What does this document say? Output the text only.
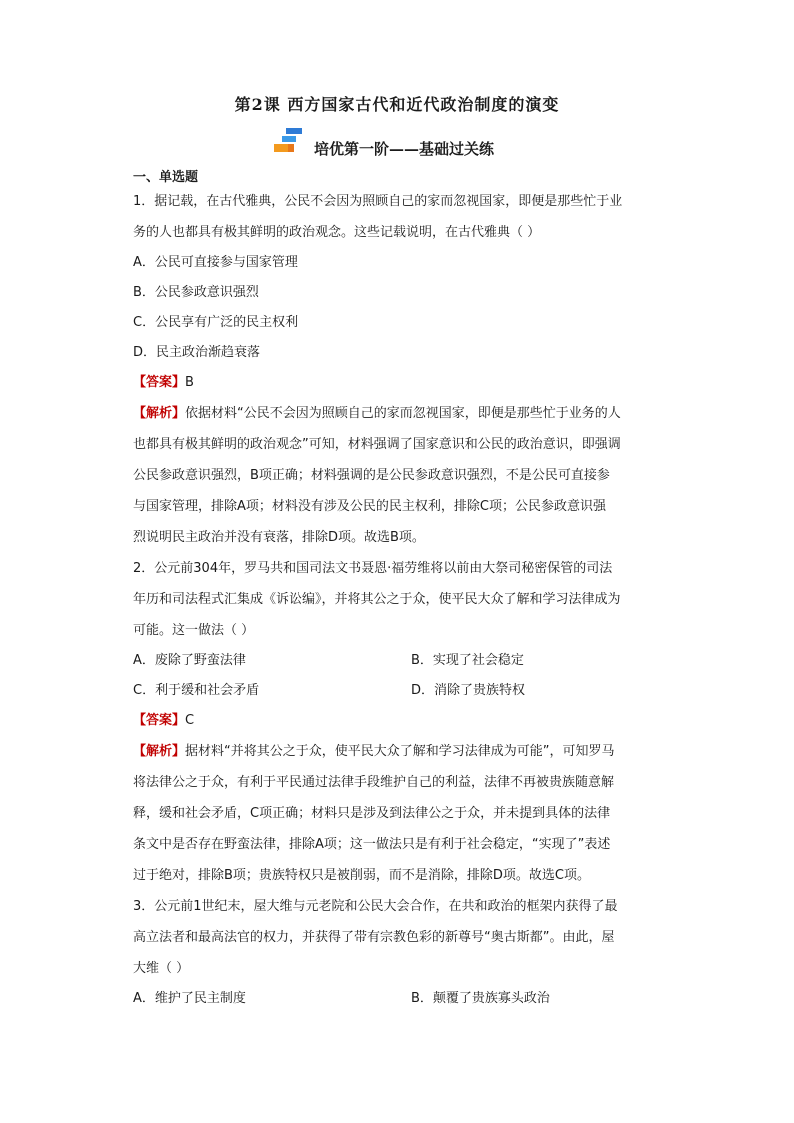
第2课 西方国家古代和近代政治制度的演变
培优第一阶——基础过关练
一、单选题
1．据记载，在古代雅典，公民不会因为照顾自己的家而忽视国家，即便是那些忙于业
务的人也都具有极其鲜明的政治观念。这些记载说明，在古代雅典（ ）
A．公民可直接参与国家管理
B．公民参政意识强烈
C．公民享有广泛的民主权利
D．民主政治渐趋衰落
【答案】B
【解析】依据材料“公民不会因为照顾自己的家而忽视国家，即便是那些忙于业务的人
也都具有极其鲜明的政治观念”可知，材料强调了国家意识和公民的政治意识，即强调
公民参政意识强烈，B项正确；材料强调的是公民参政意识强烈，不是公民可直接参
与国家管理，排除A项；材料没有涉及公民的民主权利，排除C项；公民参政意识强
烈说明民主政治并没有衰落，排除D项。故选B项。
2．公元前304年，罗马共和国司法文书聂恩·福劳维将以前由大祭司秘密保管的司法
年历和司法程式汇集成《诉讼编》，并将其公之于众，使平民大众了解和学习法律成为
可能。这一做法（ ）
A．废除了野蛮法律	B．实现了社会稳定
C．利于缓和社会矛盾	D．消除了贵族特权
【答案】C
【解析】据材料“并将其公之于众，使平民大众了解和学习法律成为可能”，可知罗马
将法律公之于众，有利于平民通过法律手段维护自己的利益，法律不再被贵族随意解
释，缓和社会矛盾，C项正确；材料只是涉及到法律公之于众，并未提到具体的法律
条文中是否存在野蛮法律，排除A项；这一做法只是有利于社会稳定，“实现了”表述
过于绝对，排除B项；贵族特权只是被削弱，而不是消除，排除D项。故选C项。
3．公元前1世纪末，屋大维与元老院和公民大会合作，在共和政治的框架内获得了最
高立法者和最高法官的权力，并获得了带有宗教色彩的新尊号“奥古斯都”。由此，屋
大维（ ）
A．维护了民主制度	B．颠覆了贵族寡头政治
